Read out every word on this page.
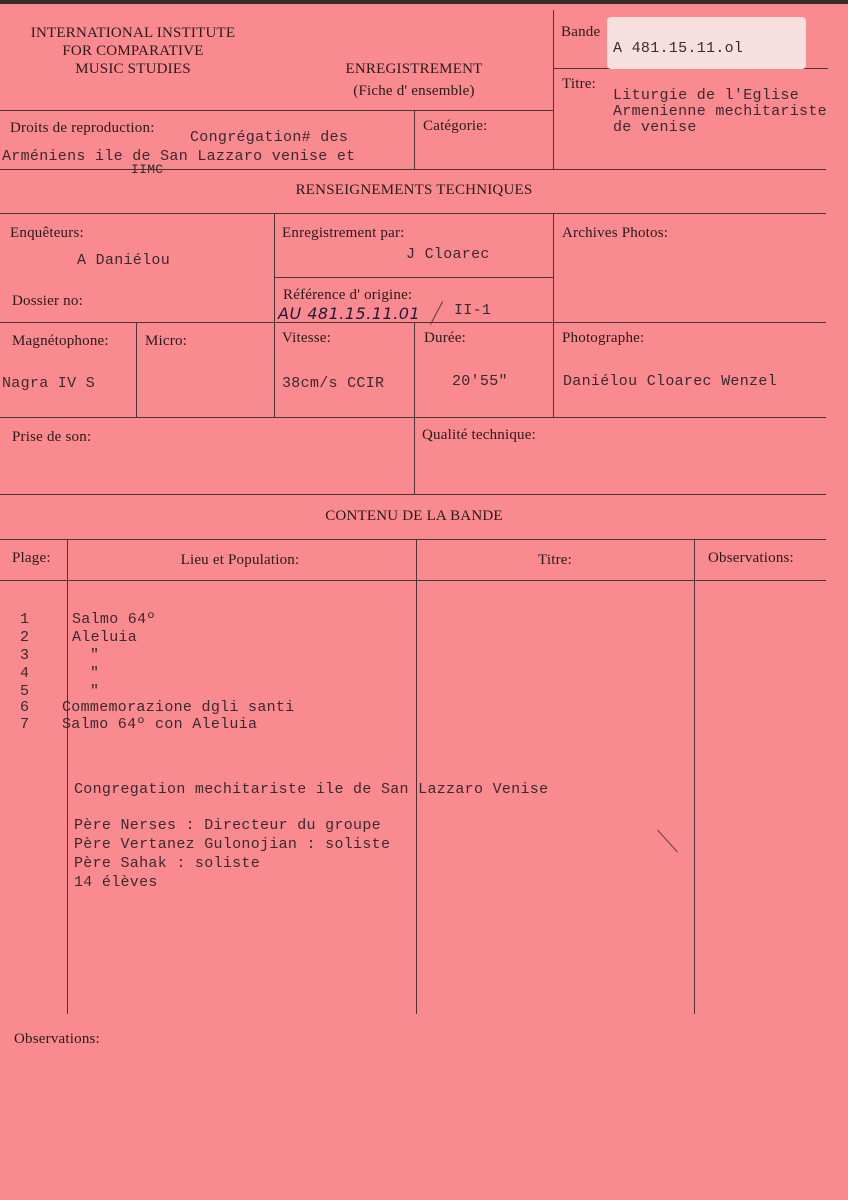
INTERNATIONAL INSTITUTE
FOR COMPARATIVE
MUSIC STUDIES	ENREGISTREMENT
(Fiche d' ensemble)
Bande
A 481.15.11.ol
Titre:
Liturgie de l'Eglise
Armenienne mechitariste
de venise
Droits de reproduction:
Congrégation# des
Arméniens ile de San Lazzaro venise et
IIMC
Catégorie:
RENSEIGNEMENTS TECHNIQUES
Enquêteurs:
A Daniélou
Enregistrement par:
J Cloarec
Archives Photos:
Dossier no:	Référence d' origine:
AU 481.15.11.01 II-1
Magnétophone:
Nagra IV S
Micro:	Vitesse:
38cm/s CCIR
Durée:
20'55"
Photographe:
Daniélou Cloarec Wenzel
Prise de son:	Qualité technique:
CONTENU DE LA BANDE
Plage:	Lieu et Population:	Titre:	Observations:
1	Salmo 64º
2	Aleluia
3	"
4	"
5	"
6 Commemorazione dgli santi
7 Salmo 64º con Aleluia
Congregation mechitariste ile de San Lazzaro Venise
Père Nerses : Directeur du groupe
Père Vertanez Gulonojian : soliste
Père Sahak : soliste
14 élèves
Observations:
